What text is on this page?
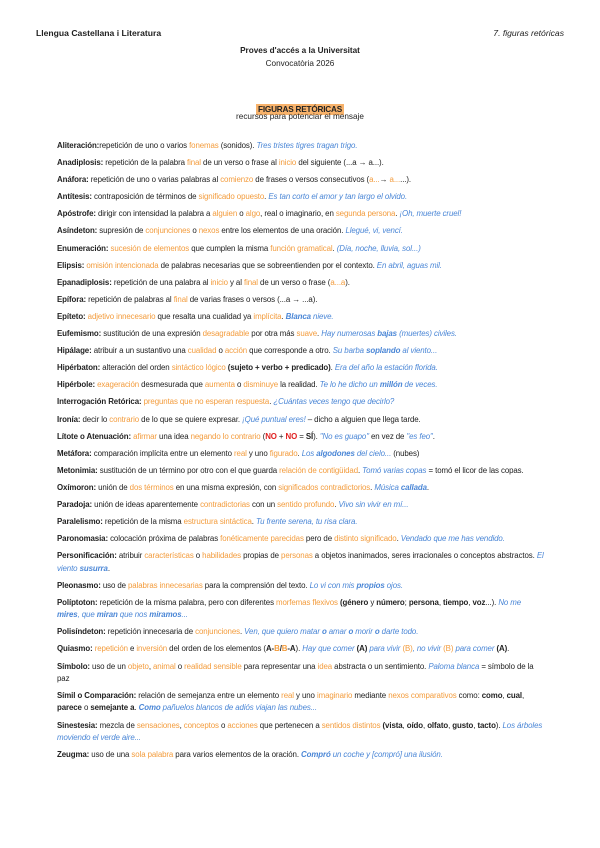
Llengua Castellana i Literatura	7. figuras retóricas
Proves d'accés a la Universitat
Convocatòria 2026
FIGURAS RETÓRICAS
recursos para potenciar el mensaje
Aliteración:repetición de uno o varios fonemas (sonidos). Tres tristes tigres tragan trigo.
Anadiplosis: repetición de la palabra final de un verso o frase al inicio del siguiente (...a → a...).
Anáfora: repetición de uno o varias palabras al comienzo de frases o versos consecutivos (a...→ a......).
Antítesis: contraposición de términos de significado opuesto. Es tan corto el amor y tan largo el olvido.
Apóstrofe: dirigir con intensidad la palabra a alguien o algo, real o imaginario, en segunda persona. ¡Oh, muerte cruel!
Asíndeton: supresión de conjunciones o nexos entre los elementos de una oración. Llegué, vi, vencí.
Enumeración: sucesión de elementos que cumplen la misma función gramatical. (Día, noche, lluvia, sol...)
Elipsis: omisión intencionada de palabras necesarias que se sobreentienden por el contexto. En abril, aguas mil.
Epanadiplosis: repetición de una palabra al inicio y al final de un verso o frase (a...a).
Epífora: repetición de palabras al final de varias frases o versos (...a → ...a).
Epíteto: adjetivo innecesario que resalta una cualidad ya implícita. Blanca nieve.
Eufemismo: sustitución de una expresión desagradable por otra más suave. Hay numerosas bajas (muertes) civiles.
Hipálage: atribuir a un sustantivo una cualidad o acción que corresponde a otro. Su barba soplando al viento...
Hipérbaton: alteración del orden sintáctico lógico (sujeto + verbo + predicado). Era del año la estación florida.
Hipérbole: exageración desmesurada que aumenta o disminuye la realidad. Te lo he dicho un millón de veces.
Interrogación Retórica: preguntas que no esperan respuesta. ¿Cuántas veces tengo que decirlo?
Ironía: decir lo contrario de lo que se quiere expresar. ¡Qué puntual eres! – dicho a alguien que llega tarde.
Lítote o Atenuación: afirmar una idea negando lo contrario (NO + NO = SÍ). "No es guapo" en vez de "es feo".
Metáfora: comparación implícita entre un elemento real y uno figurado. Los algodones del cielo... (nubes)
Metonimia: sustitución de un término por otro con el que guarda relación de contigüidad. Tomó varias copas = tomó el licor de las copas.
Oxímoron: unión de dos términos en una misma expresión, con significados contradictorios. Música callada.
Paradoja: unión de ideas aparentemente contradictorias con un sentido profundo. Vivo sin vivir en mí...
Paralelismo: repetición de la misma estructura sintáctica. Tu frente serena, tu risa clara.
Paronomasia: colocación próxima de palabras fonéticamente parecidas pero de distinto significado. Vendado que me has vendido.
Personificación: atribuir características o habilidades propias de personas a objetos inanimados, seres irracionales o conceptos abstractos. El viento susurra.
Pleonasmo: uso de palabras innecesarias para la comprensión del texto. Lo vi con mis propios ojos.
Políptoton: repetición de la misma palabra, pero con diferentes morfemas flexivos (género y número; persona, tiempo, voz...). No me mires, que miran que nos miramos...
Polisíndeton: repetición innecesaria de conjunciones. Ven, que quiero matar o amar o morir o darte todo.
Quiasmo: repetición e inversión del orden de los elementos (A-B/B-A). Hay que comer (A) para vivir (B), no vivir (B) para comer (A).
Símbolo: uso de un objeto, animal o realidad sensible para representar una idea abstracta o un sentimiento. Paloma blanca = símbolo de la paz
Símil o Comparación: relación de semejanza entre un elemento real y uno imaginario mediante nexos comparativos como: como, cual, parece o semejante a. Como pañuelos blancos de adiós viajan las nubes...
Sinestesia: mezcla de sensaciones, conceptos o acciones que pertenecen a sentidos distintos (vista, oído, olfato, gusto, tacto). Los árboles moviendo el verde aire...
Zeugma: uso de una sola palabra para varios elementos de la oración. Compró un coche y [compró] una ilusión.
